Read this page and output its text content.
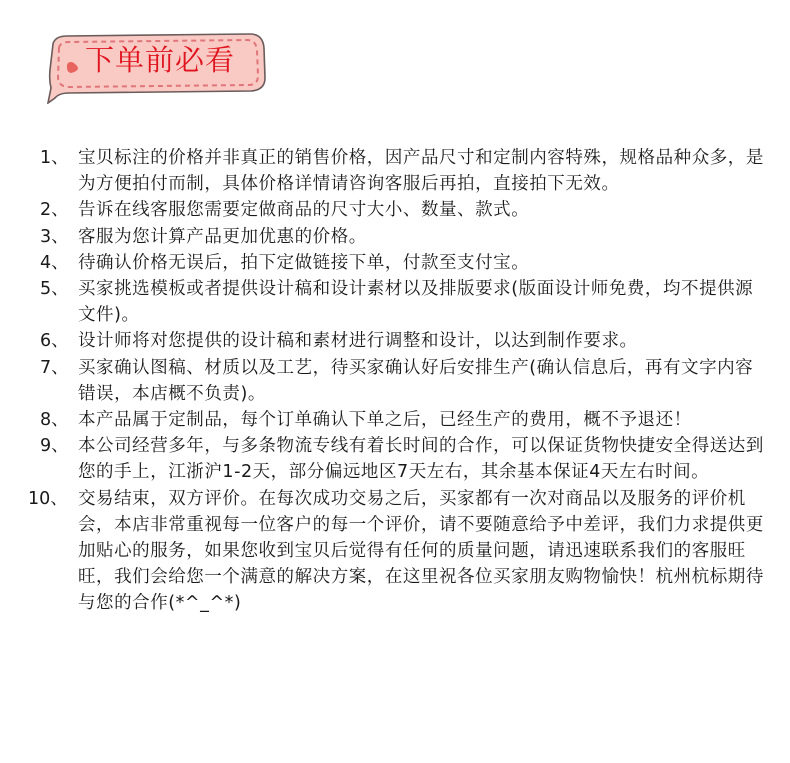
下单前必看
1、 宝贝标注的价格并非真正的销售价格，因产品尺寸和定制内容特殊，规格品种众多，是为方便拍付而制，具体价格详情请咨询客服后再拍，直接拍下无效。
2、 告诉在线客服您需要定做商品的尺寸大小、数量、款式。
3、 客服为您计算产品更加优惠的价格。
4、 待确认价格无误后，拍下定做链接下单，付款至支付宝。
5、 买家挑选模板或者提供设计稿和设计素材以及排版要求(版面设计师免费，均不提供源文件)。
6、 设计师将对您提供的设计稿和素材进行调整和设计，以达到制作要求。
7、 买家确认图稿、材质以及工艺，待买家确认好后安排生产(确认信息后，再有文字内容错误，本店概不负责)。
8、 本产品属于定制品，每个订单确认下单之后，已经生产的费用，概不予退还！
9、 本公司经营多年，与多条物流专线有着长时间的合作，可以保证货物快捷安全得送达到您的手上，江浙沪1-2天，部分偏远地区7天左右，其余基本保证4天左右时间。
10、 交易结束，双方评价。在每次成功交易之后，买家都有一次对商品以及服务的评价机会，本店非常重视每一位客户的每一个评价，请不要随意给予中差评，我们力求提供更加贴心的服务，如果您收到宝贝后觉得有任何的质量问题，请迅速联系我们的客服旺旺，我们会给您一个满意的解决方案，在这里祝各位买家朋友购物愉快！杭州杭标期待与您的合作(*^_^*)
